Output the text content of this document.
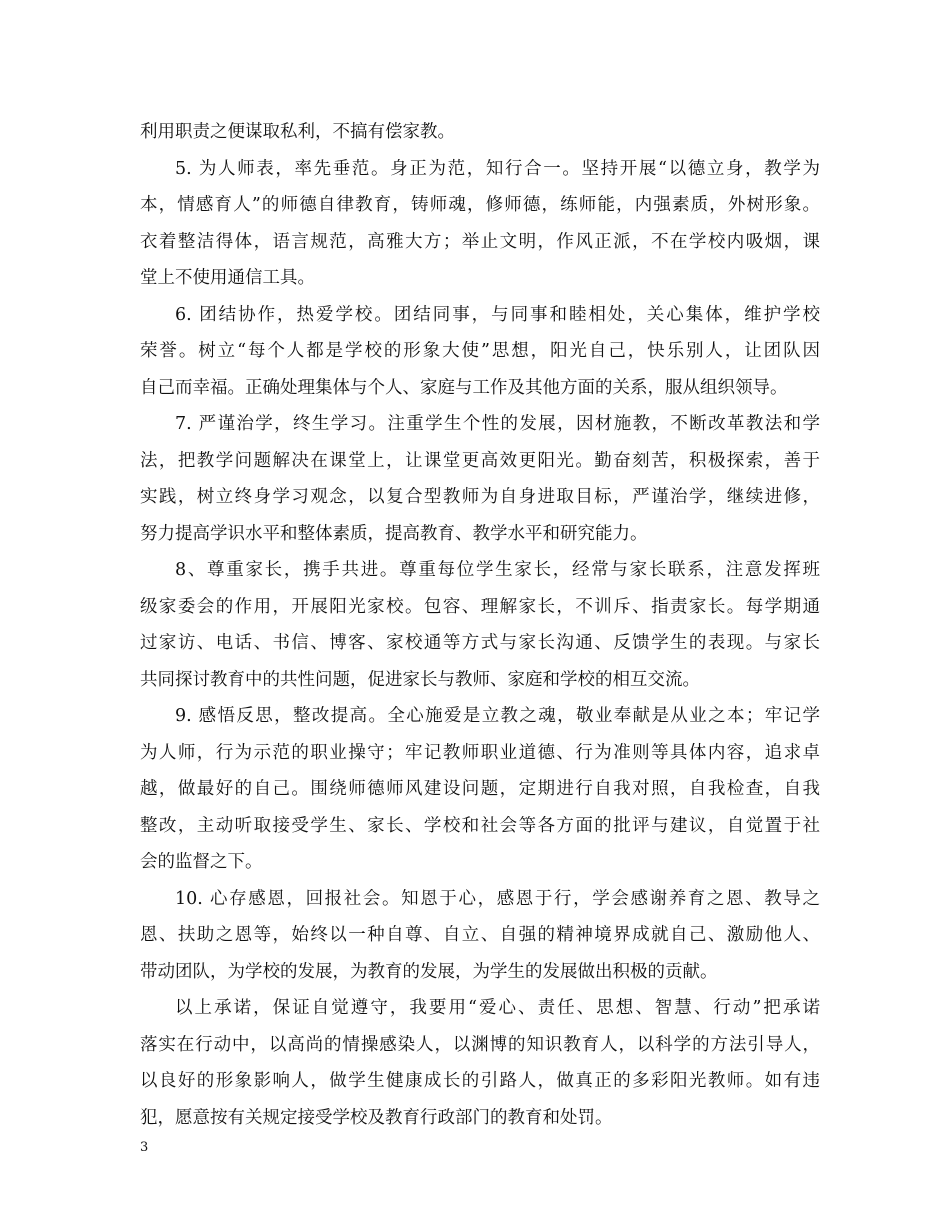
利用职责之便谋取私利，不搞有偿家教。
5. 为人师表，率先垂范。身正为范，知行合一。坚持开展“以德立身，教学为
本，情感育人”的师德自律教育，铸师魂，修师德，练师能，内强素质，外树形象。
衣着整洁得体，语言规范，高雅大方；举止文明，作风正派，不在学校内吸烟，课
堂上不使用通信工具。
6. 团结协作，热爱学校。团结同事，与同事和睦相处，关心集体，维护学校
荣誉。树立“每个人都是学校的形象大使”思想，阳光自己，快乐别人，让团队因
自己而幸福。正确处理集体与个人、家庭与工作及其他方面的关系，服从组织领导。
7. 严谨治学，终生学习。注重学生个性的发展，因材施教，不断改革教法和学
法，把教学问题解决在课堂上，让课堂更高效更阳光。勤奋刻苦，积极探索，善于
实践，树立终身学习观念，以复合型教师为自身进取目标，严谨治学，继续进修，
努力提高学识水平和整体素质，提高教育、教学水平和研究能力。
8、尊重家长，携手共进。尊重每位学生家长，经常与家长联系，注意发挥班
级家委会的作用，开展阳光家校。包容、理解家长，不训斥、指责家长。每学期通
过家访、电话、书信、博客、家校通等方式与家长沟通、反馈学生的表现。与家长
共同探讨教育中的共性问题，促进家长与教师、家庭和学校的相互交流。
9. 感悟反思，整改提高。全心施爱是立教之魂，敬业奉献是从业之本；牢记学
为人师，行为示范的职业操守；牢记教师职业道德、行为准则等具体内容，追求卓
越，做最好的自己。围绕师德师风建设问题，定期进行自我对照，自我检查，自我
整改，主动听取接受学生、家长、学校和社会等各方面的批评与建议，自觉置于社
会的监督之下。
10. 心存感恩，回报社会。知恩于心，感恩于行，学会感谢养育之恩、教导之
恩、扶助之恩等，始终以一种自尊、自立、自强的精神境界成就自己、激励他人、
带动团队，为学校的发展，为教育的发展，为学生的发展做出积极的贡献。
以上承诺，保证自觉遵守，我要用“爱心、责任、思想、智慧、行动”把承诺
落实在行动中，以高尚的情操感染人，以渊博的知识教育人，以科学的方法引导人，
以良好的形象影响人，做学生健康成长的引路人，做真正的多彩阳光教师。如有违
犯，愿意按有关规定接受学校及教育行政部门的教育和处罚。
3
